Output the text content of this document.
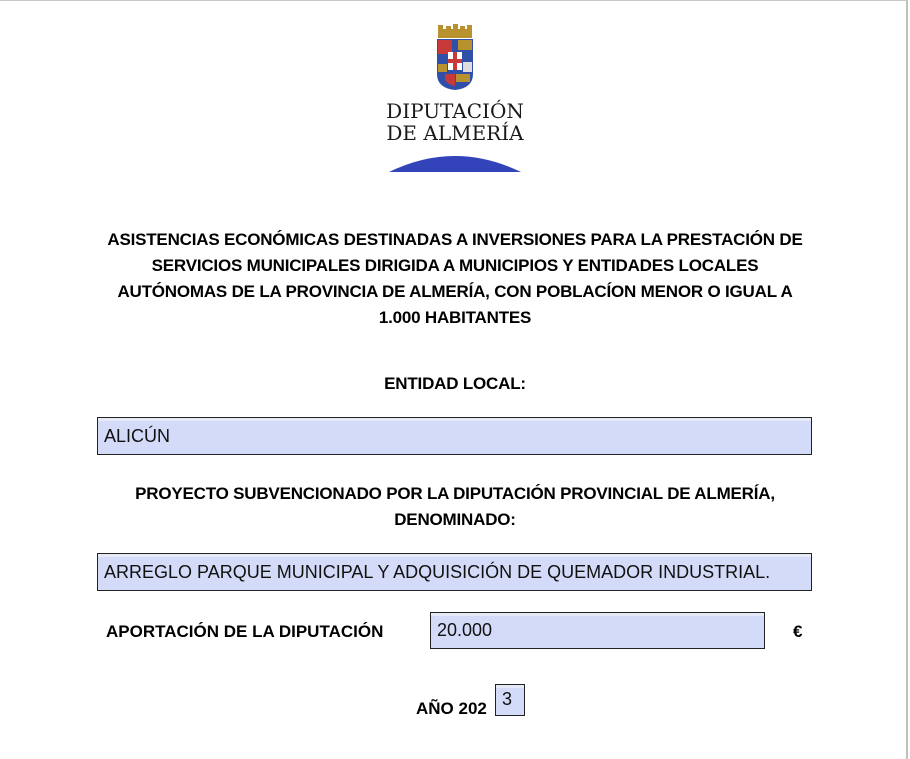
DIPUTACIÓN
DE ALMERÍA
ASISTENCIAS ECONÓMICAS DESTINADAS A INVERSIONES PARA LA PRESTACIÓN DE
SERVICIOS MUNICIPALES DIRIGIDA A MUNICIPIOS Y ENTIDADES LOCALES
AUTÓNOMAS DE LA PROVINCIA DE ALMERÍA, CON POBLACÍON MENOR O IGUAL A
1.000 HABITANTES
ENTIDAD LOCAL:
ALICÚN
PROYECTO SUBVENCIONADO POR LA DIPUTACIÓN PROVINCIAL DE ALMERÍA,
DENOMINADO:
ARREGLO PARQUE MUNICIPAL Y ADQUISICIÓN DE QUEMADOR INDUSTRIAL.
APORTACIÓN DE LA DIPUTACIÓN	20.000	€
AÑO 202 3
